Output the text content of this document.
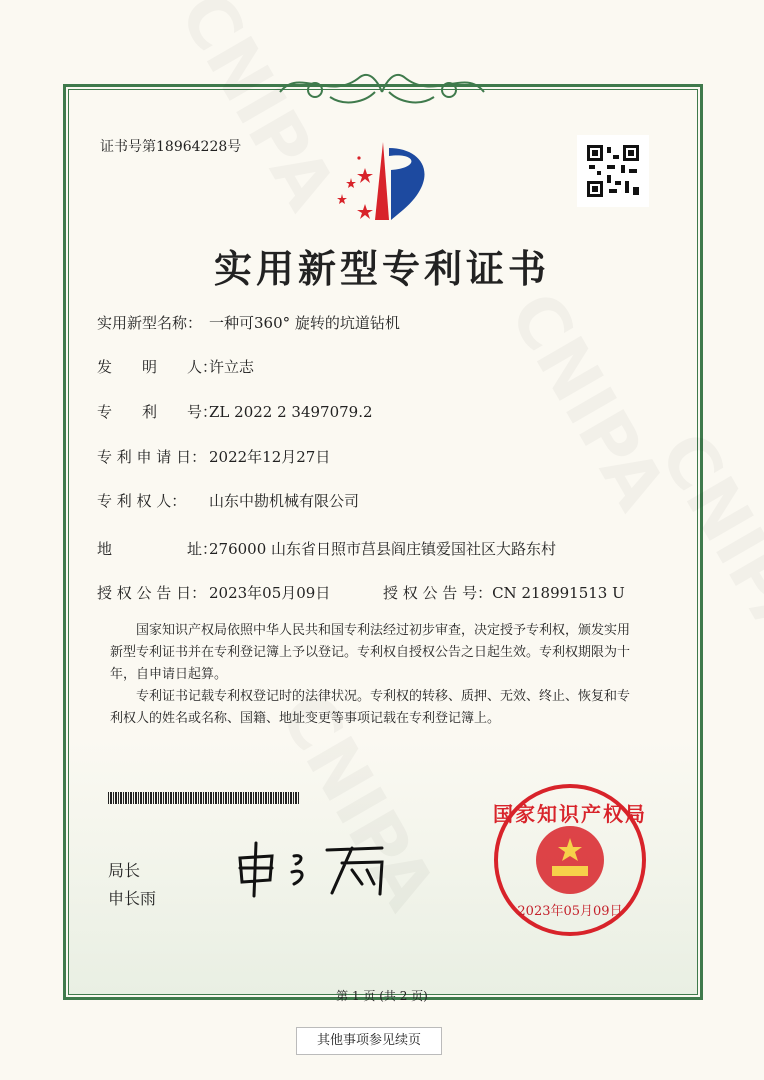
证书号第18964228号
实用新型专利证书
实用新型名称： 一种可360° 旋转的坑道钻机
发　　明　　人：许立志
专　　利　　号：ZL 2022 2 3497079.2
专 利 申 请 日： 2022年12月27日
专 利 权 人： 山东中勘机械有限公司
地　　　　　址：276000 山东省日照市莒县阎庄镇爱国社区大路东村
授 权 公 告 日： 2023年05月09日	授 权 公 告 号：CN 218991513 U
国家知识产权局依照中华人民共和国专利法经过初步审查，决定授予专利权，颁发实用新型专利证书并在专利登记簿上予以登记。专利权自授权公告之日起生效。专利权期限为十年，自申请日起算。
专利证书记载专利权登记时的法律状况。专利权的转移、质押、无效、终止、恢复和专利权人的姓名或名称、国籍、地址变更等事项记载在专利登记簿上。
局长
申长雨
国家知识产权局
2023年05月09日
第 1 页 (共 2 页)
其他事项参见续页
